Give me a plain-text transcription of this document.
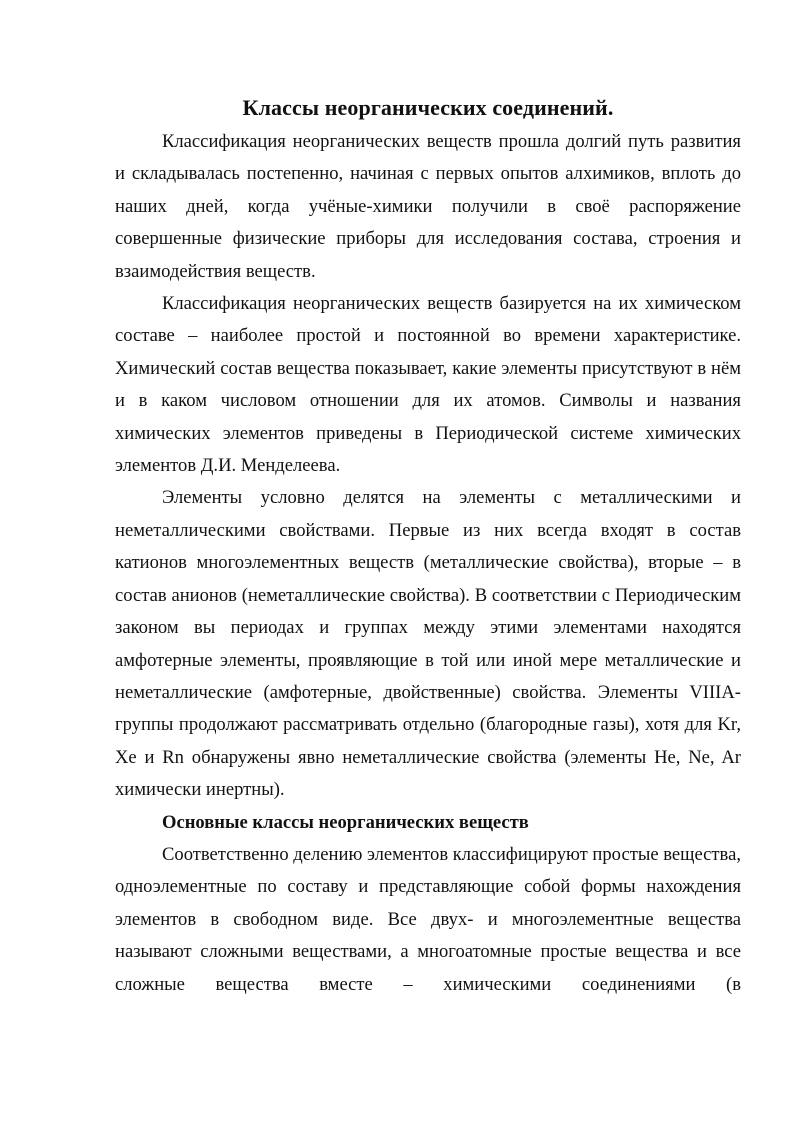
Классы неорганических соединений.

Классификация неорганических веществ прошла долгий путь развития и складывалась постепенно, начиная с первых опытов алхимиков, вплоть до наших дней, когда учёные-химики получили в своё распоряжение совершенные физические приборы для исследования состава, строения и взаимодействия веществ.

Классификация неорганических веществ базируется на их химическом составе – наиболее простой и постоянной во времени характеристике. Химический состав вещества показывает, какие элементы присутствуют в нём и в каком числовом отношении для их атомов. Символы и названия химических элементов приведены в Периодической системе химических элементов Д.И. Менделеева.

Элементы условно делятся на элементы с металлическими и неметаллическими свойствами. Первые из них всегда входят в состав катионов многоэлементных веществ (металлические свойства), вторые – в состав анионов (неметаллические свойства). В соответствии с Периодическим законом вы периодах и группах между этими элементами находятся амфотерные элементы, проявляющие в той или иной мере металлические и неметаллические (амфотерные, двойственные) свойства. Элементы VIIIA-группы продолжают рассматривать отдельно (благородные газы), хотя для Kr, Xe и Rn обнаружены явно неметаллические свойства (элементы He, Ne, Ar химически инертны).

Основные классы неорганических веществ

Соответственно делению элементов классифицируют простые вещества, одноэлементные по составу и представляющие собой формы нахождения элементов в свободном виде. Все двух- и многоэлементные вещества называют сложными веществами, а многоатомные простые вещества и все сложные вещества вместе – химическими соединениями (в
